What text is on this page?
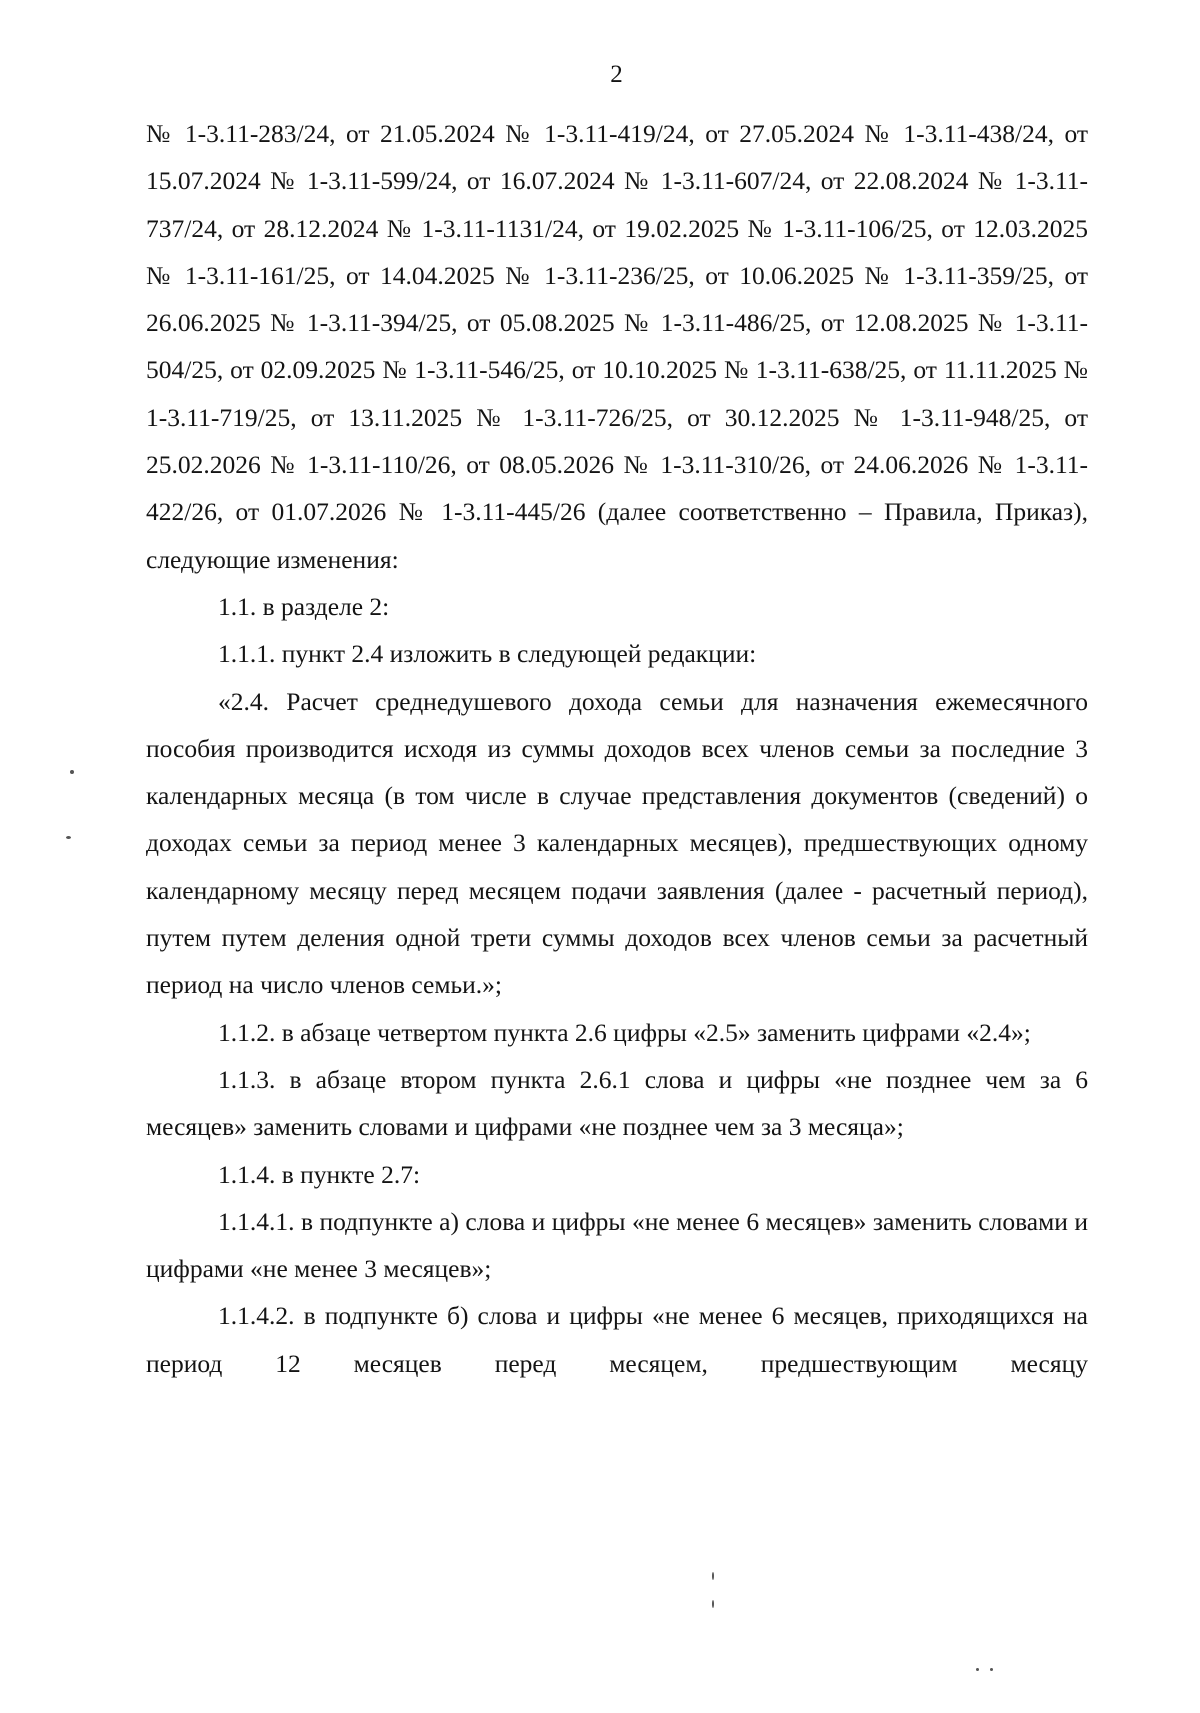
2

№ 1-3.11-283/24, от 21.05.2024 № 1-3.11-419/24, от 27.05.2024 № 1-3.11-438/24, от 15.07.2024 № 1-3.11-599/24, от 16.07.2024 № 1-3.11-607/24, от 22.08.2024 № 1-3.11-737/24, от 28.12.2024 № 1-3.11-1131/24, от 19.02.2025 № 1-3.11-106/25, от 12.03.2025 № 1-3.11-161/25, от 14.04.2025 № 1-3.11-236/25, от 10.06.2025 № 1-3.11-359/25, от 26.06.2025 № 1-3.11-394/25, от 05.08.2025 № 1-3.11-486/25, от 12.08.2025 № 1-3.11-504/25, от 02.09.2025 № 1-3.11-546/25, от 10.10.2025 № 1-3.11-638/25, от 11.11.2025 № 1-3.11-719/25, от 13.11.2025 № 1-3.11-726/25, от 30.12.2025 № 1-3.11-948/25, от 25.02.2026 № 1-3.11-110/26, от 08.05.2026 № 1-3.11-310/26, от 24.06.2026 № 1-3.11-422/26, от 01.07.2026 № 1-3.11-445/26 (далее соответственно – Правила, Приказ), следующие изменения:

1.1. в разделе 2:

1.1.1. пункт 2.4 изложить в следующей редакции:

«2.4. Расчет среднедушевого дохода семьи для назначения ежемесячного пособия производится исходя из суммы доходов всех членов семьи за последние 3 календарных месяца (в том числе в случае представления документов (сведений) о доходах семьи за период менее 3 календарных месяцев), предшествующих одному календарному месяцу перед месяцем подачи заявления (далее - расчетный период), путем путем деления одной трети суммы доходов всех членов семьи за расчетный период на число членов семьи.»;

1.1.2. в абзаце четвертом пункта 2.6 цифры «2.5» заменить цифрами «2.4»;

1.1.3. в абзаце втором пункта 2.6.1 слова и цифры «не позднее чем за 6 месяцев» заменить словами и цифрами «не позднее чем за 3 месяца»;

1.1.4. в пункте 2.7:

1.1.4.1. в подпункте а) слова и цифры «не менее 6 месяцев» заменить словами и цифрами «не менее 3 месяцев»;

1.1.4.2. в подпункте б) слова и цифры «не менее 6 месяцев, приходящихся на период 12 месяцев перед месяцем, предшествующим месяцу
